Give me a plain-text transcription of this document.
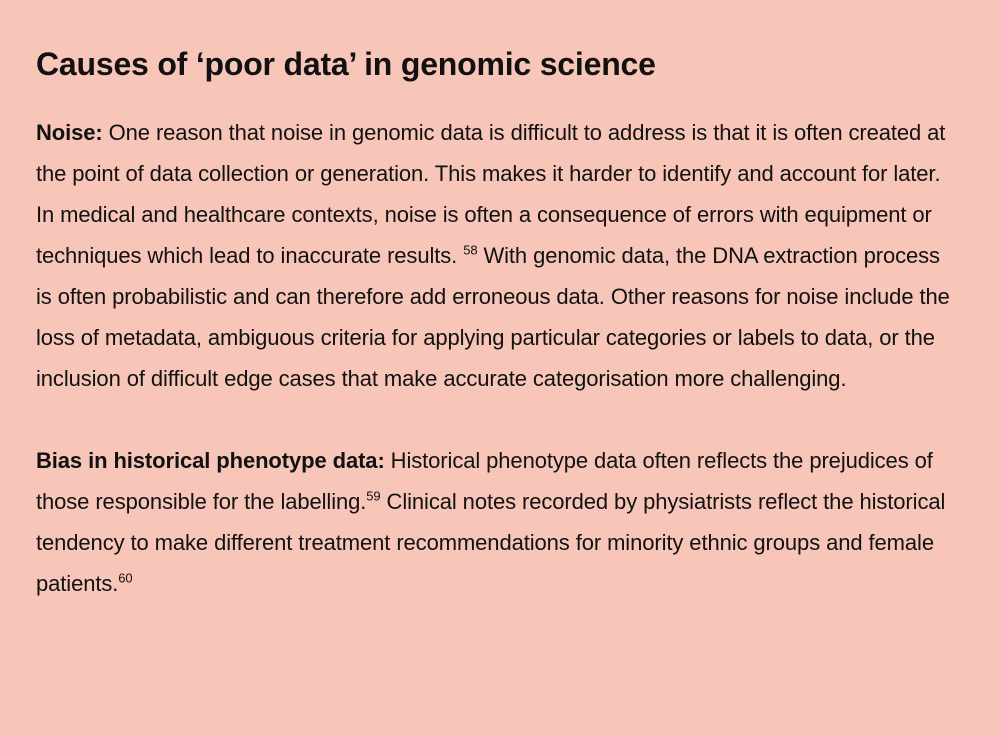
Causes of ‘poor data’ in genomic science

Noise: One reason that noise in genomic data is difficult to address is that it is often created at the point of data collection or generation. This makes it harder to identify and account for later. In medical and healthcare contexts, noise is often a consequence of errors with equipment or techniques which lead to inaccurate results. $^{58}$ With genomic data, the DNA extraction process is often probabilistic and can therefore add erroneous data. Other reasons for noise include the loss of metadata, ambiguous criteria for applying particular categories or labels to data, or the inclusion of difficult edge cases that make accurate categorisation more challenging.

Bias in historical phenotype data: Historical phenotype data often reflects the prejudices of those responsible for the labelling.$^{59}$ Clinical notes recorded by physiatrists reflect the historical tendency to make different treatment recommendations for minority ethnic groups and female patients.$^{60}$
